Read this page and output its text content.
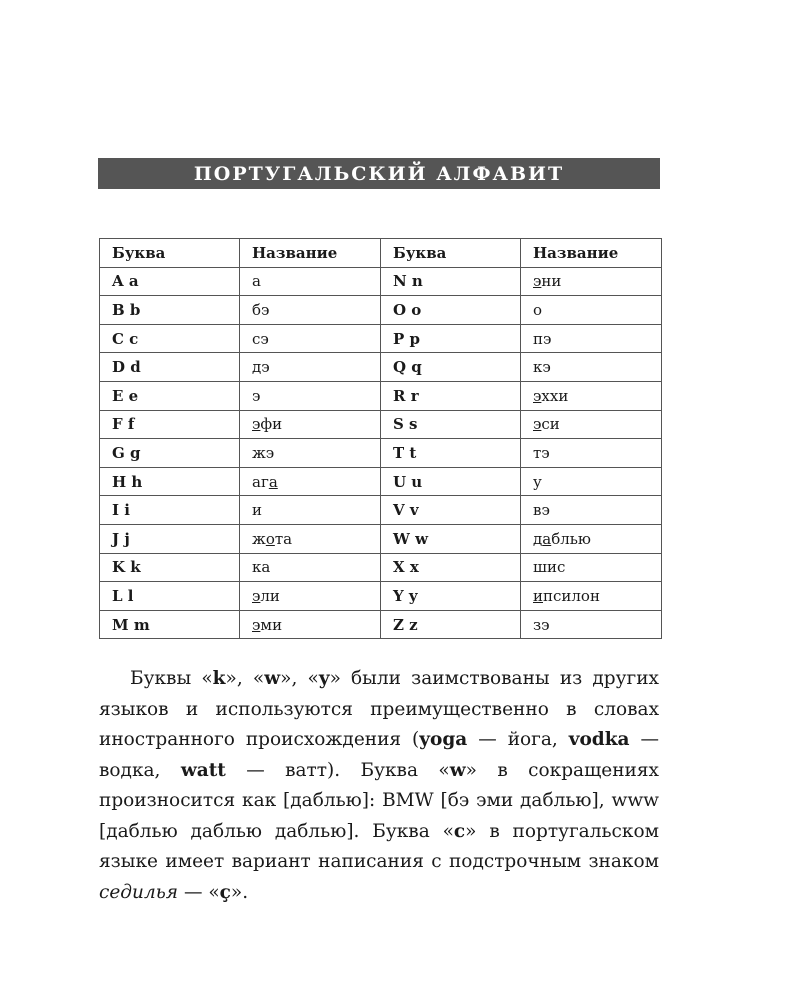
ПОРТУГАЛЬСКИЙ АЛФАВИТ
Буква	Название	Буква	Название
A a	а	N n	эни
B b	бэ	O o	о
C c	сэ	P p	пэ
D d	дэ	Q q	кэ
E e	э	R r	эххи
F f	эфи	S s	эси
G g	жэ	T t	тэ
H h	ага	U u	у
I i	и	V v	вэ
J j	жота	W w	даблью
K k	ка	X x	шис
L l	эли	Y y	ипсилон
M m	эми	Z z	зэ

Буквы «k», «w», «y» были заимствованы из других языков и используются преимущественно в словах иностранного происхождения (yoga — йога, vodka — водка, watt — ватт). Буква «w» в сокращениях произносится как [даблью]: BMW [бэ эми даблью], www [даблью даблью даблью]. Буква «c» в португальском языке имеет вариант написания с подстрочным знаком седилья — «ç».
